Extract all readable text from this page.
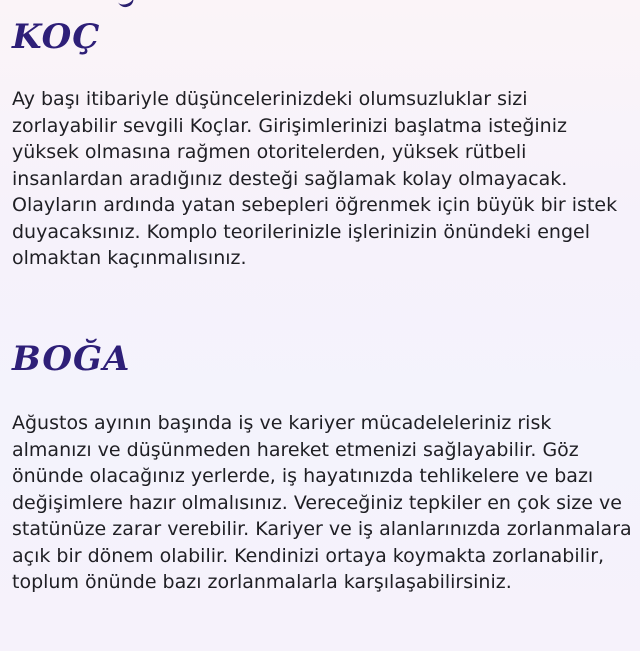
KOÇ

Ay başı itibariyle düşüncelerinizdeki olumsuzluklar sizi zorlayabilir sevgili Koçlar. Girişimlerinizi başlatma isteğiniz yüksek olmasına rağmen otoritelerden, yüksek rütbeli insanlardan aradığınız desteği sağlamak kolay olmayacak. Olayların ardında yatan sebepleri öğrenmek için büyük bir istek duyacaksınız. Komplo teorilerinizle işlerinizin önündeki engel olmaktan kaçınmalısınız.

BOĞA

Ağustos ayının başında iş ve kariyer mücadeleleriniz risk almanızı ve düşünmeden hareket etmenizi sağlayabilir. Göz önünde olacağınız yerlerde, iş hayatınızda tehlikelere ve bazı değişimlere hazır olmalısınız. Vereceğiniz tepkiler en çok size ve statünüze zarar verebilir. Kariyer ve iş alanlarınızda zorlanmalara açık bir dönem olabilir. Kendinizi ortaya koymakta zorlanabilir, toplum önünde bazı zorlanmalarla karşılaşabilirsiniz.
